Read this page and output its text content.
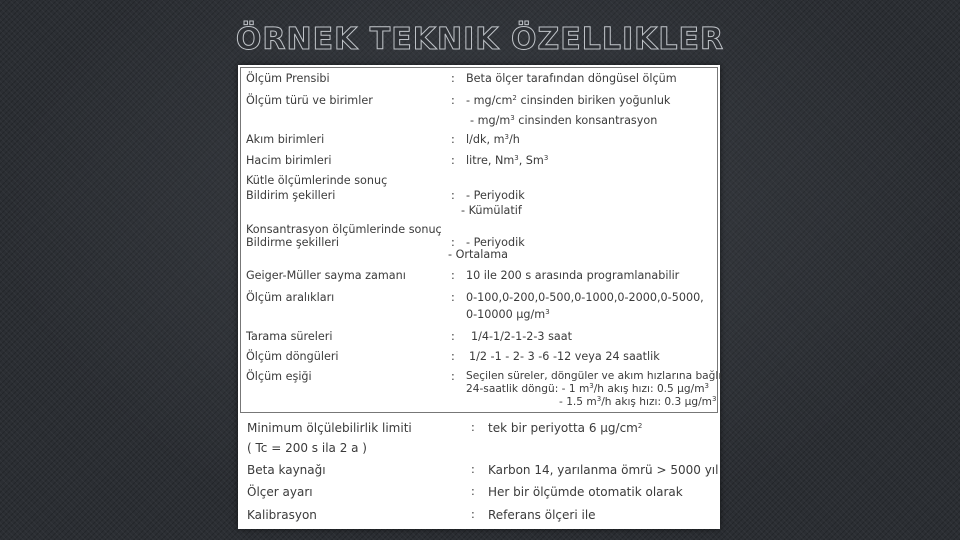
ÖRNEK TEKNIK ÖZELLIKLER
Ölçüm Prensibi	: Beta ölçer tarafından döngüsel ölçüm
Ölçüm türü ve birimler	: - $mg/cm^2$ cinsinden biriken yoğunluk
- $mg/m^3$ cinsinden konsantrasyon
Akım birimleri	: l/dk, $m^3/h$
Hacim birimleri	: litre, Nm$^3$, Sm$^3$
Kütle ölçümlerinde sonuç
Bildirim şekilleri	: - Periyodik
- Kümülatif
Konsantrasyon ölçümlerinde sonuç
Bildirme şekilleri	: - Periyodik
- Ortalama
Geiger-Müller sayma zamanı	: 10 ile 200 s arasında programlanabilir
Ölçüm aralıkları	: 0-100,0-200,0-500,0-1000,0-2000,0-5000,
0-10000 $\mu g/m^3$
Tarama süreleri	: 1/4-1/2-1-2-3 saat
Ölçüm döngüleri	: 1/2 -1 - 2- 3 -6 -12 veya 24 saatlik
Ölçüm eşiği	: Seçilen süreler, döngüler ve akım hızlarına bağlı
24-saatlik döngü: - 1 $m^3/h$ akış hızı: 0.5 $\mu g/m^3$
- 1.5 $m^3/h$ akış hızı: 0.3 $\mu g/m^3$
Minimum ölçülebilirlik limiti	: tek bir periyotta 6 $\mu g/cm^2$
( Tc = 200 s ila 2 a )
Beta kaynağı	: Karbon 14, yarılanma ömrü > 5000 yıl
Ölçer ayarı	: Her bir ölçümde otomatik olarak
Kalibrasyon	: Referans ölçeri ile
